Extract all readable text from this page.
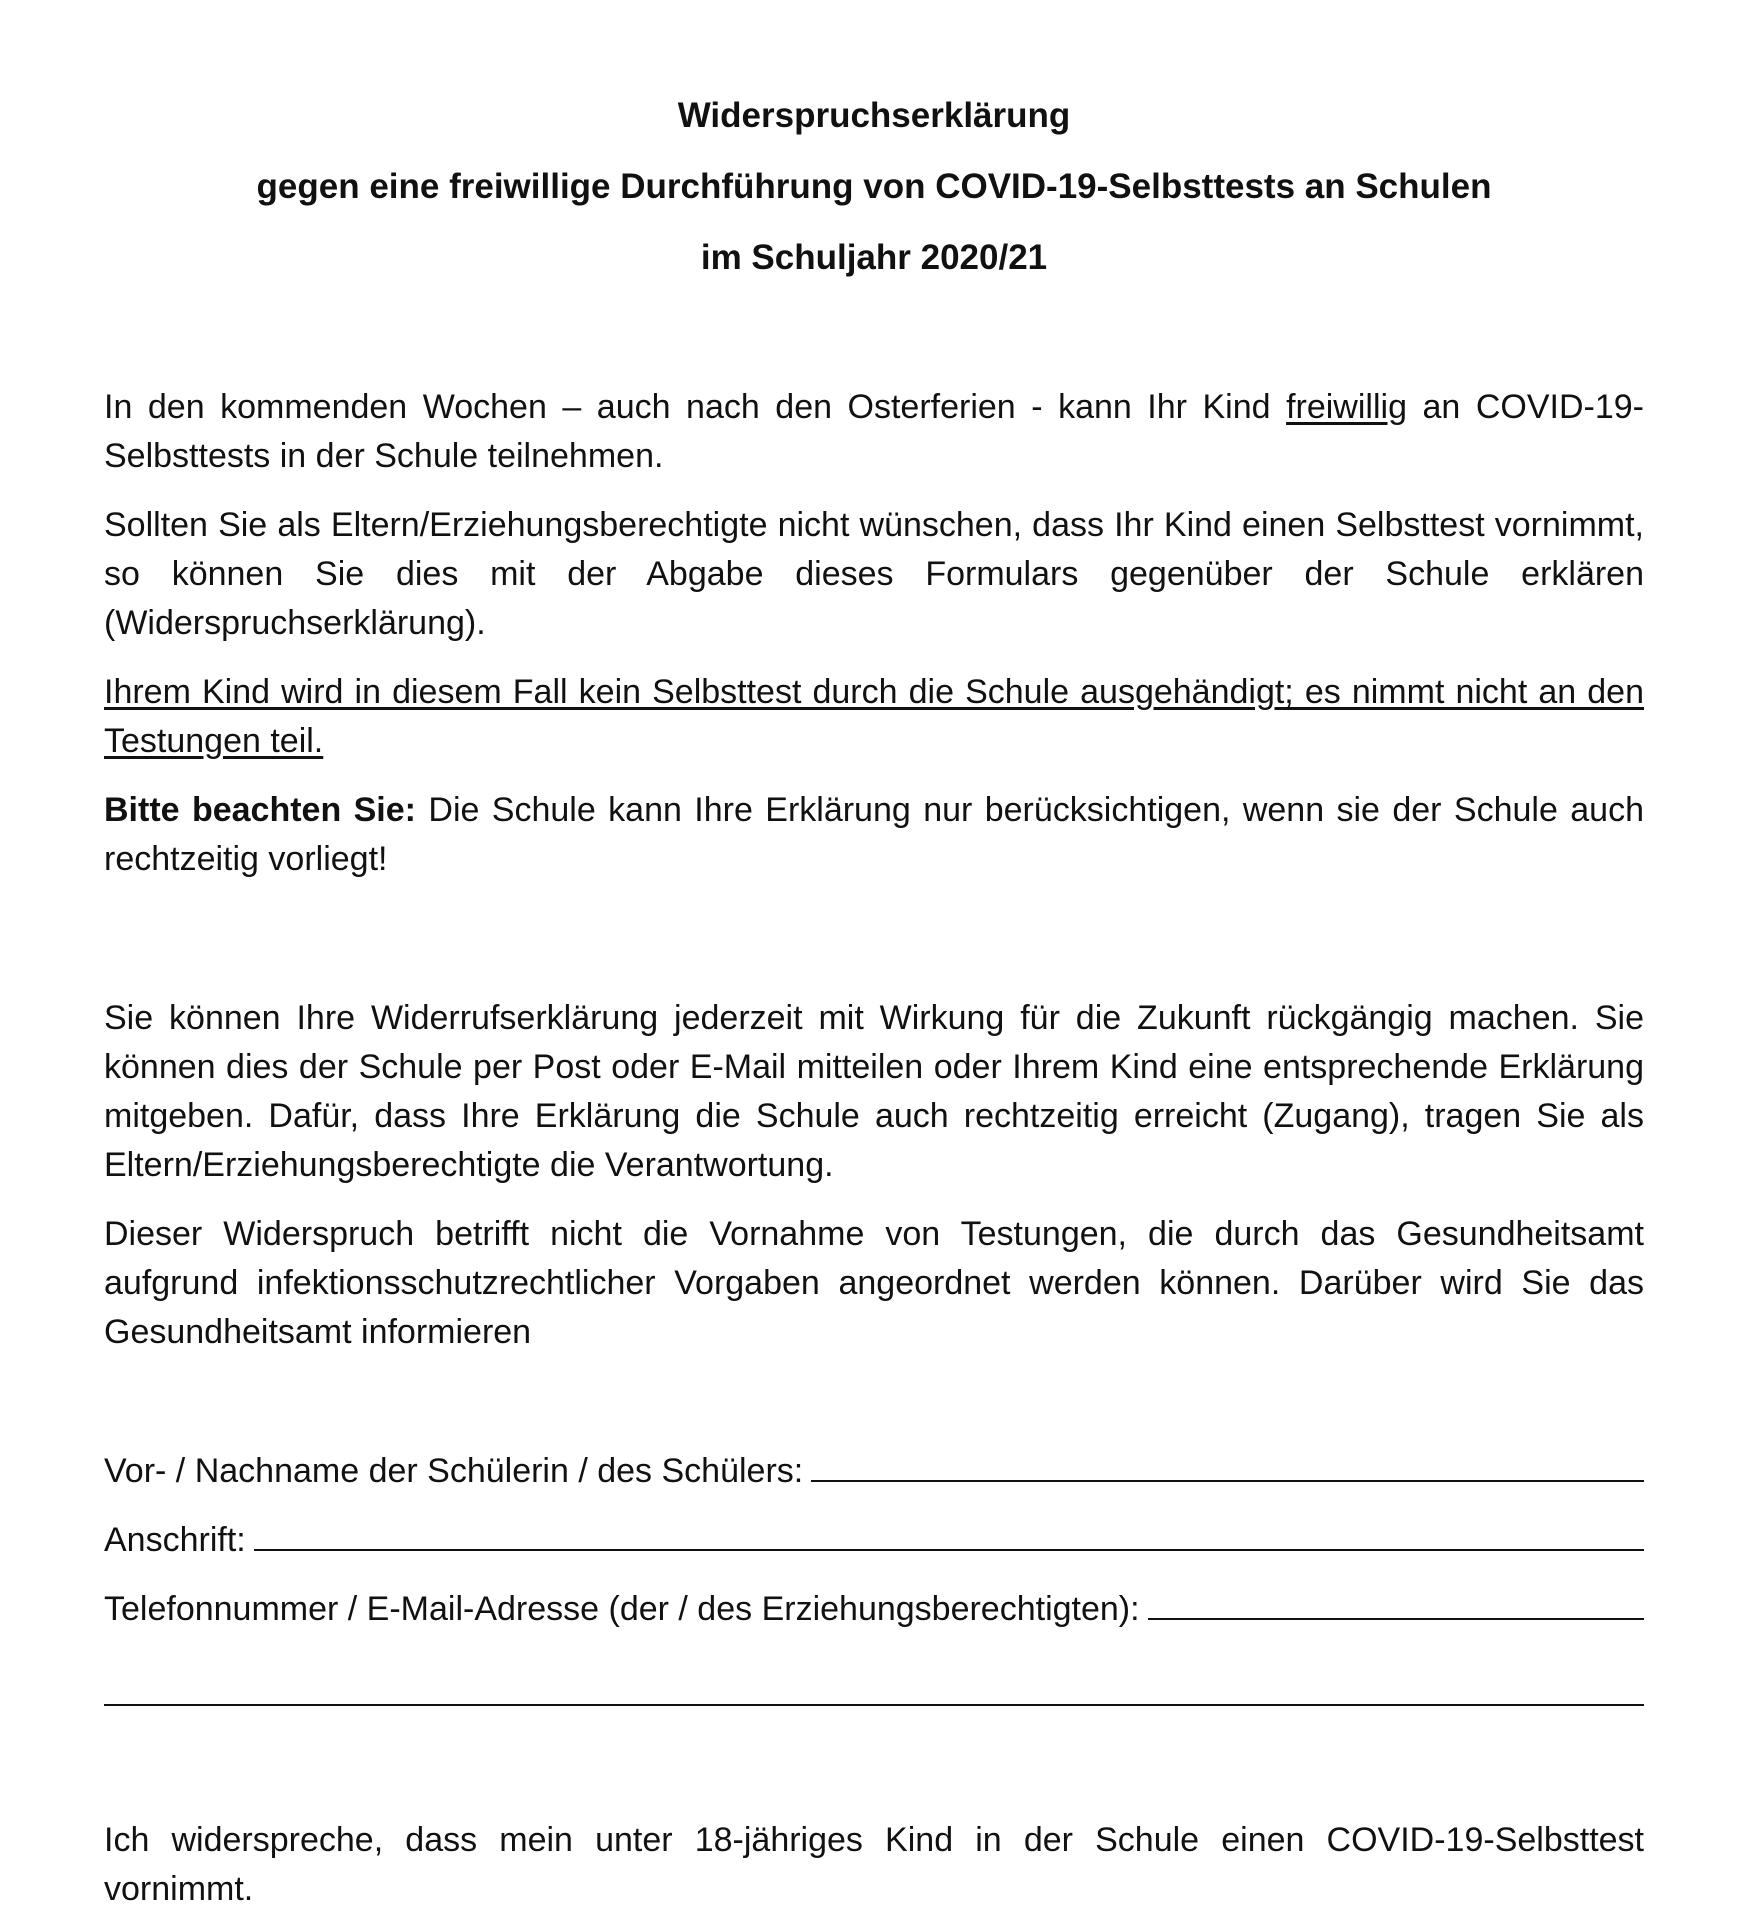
Widerspruchserklärung
gegen eine freiwillige Durchführung von COVID-19-Selbsttests an Schulen
im Schuljahr 2020/21

In den kommenden Wochen – auch nach den Osterferien - kann Ihr Kind freiwillig an COVID-19- Selbsttests in der Schule teilnehmen.

Sollten Sie als Eltern/Erziehungsberechtigte nicht wünschen, dass Ihr Kind einen Selbsttest vornimmt, so können Sie dies mit der Abgabe dieses Formulars gegenüber der Schule erklären (Widerspruchserklärung).

Ihrem Kind wird in diesem Fall kein Selbsttest durch die Schule ausgehändigt; es nimmt nicht an den Testungen teil.

Bitte beachten Sie: Die Schule kann Ihre Erklärung nur berücksichtigen, wenn sie der Schule auch rechtzeitig vorliegt!

Sie können Ihre Widerrufserklärung jederzeit mit Wirkung für die Zukunft rückgängig machen. Sie können dies der Schule per Post oder E-Mail mitteilen oder Ihrem Kind eine entsprechende Erklärung mitgeben. Dafür, dass Ihre Erklärung die Schule auch rechtzeitig erreicht (Zugang), tragen Sie als Eltern/Erziehungsberechtigte die Verantwortung.

Dieser Widerspruch betrifft nicht die Vornahme von Testungen, die durch das Gesundheitsamt aufgrund infektionsschutzrechtlicher Vorgaben angeordnet werden können. Darüber wird Sie das Gesundheitsamt informieren

Vor- / Nachname der Schülerin / des Schülers:
Anschrift:
Telefonnummer / E-Mail-Adresse (der / des Erziehungsberechtigten):

Ich widerspreche, dass mein unter 18-jähriges Kind in der Schule einen COVID-19-Selbsttest vornimmt.
